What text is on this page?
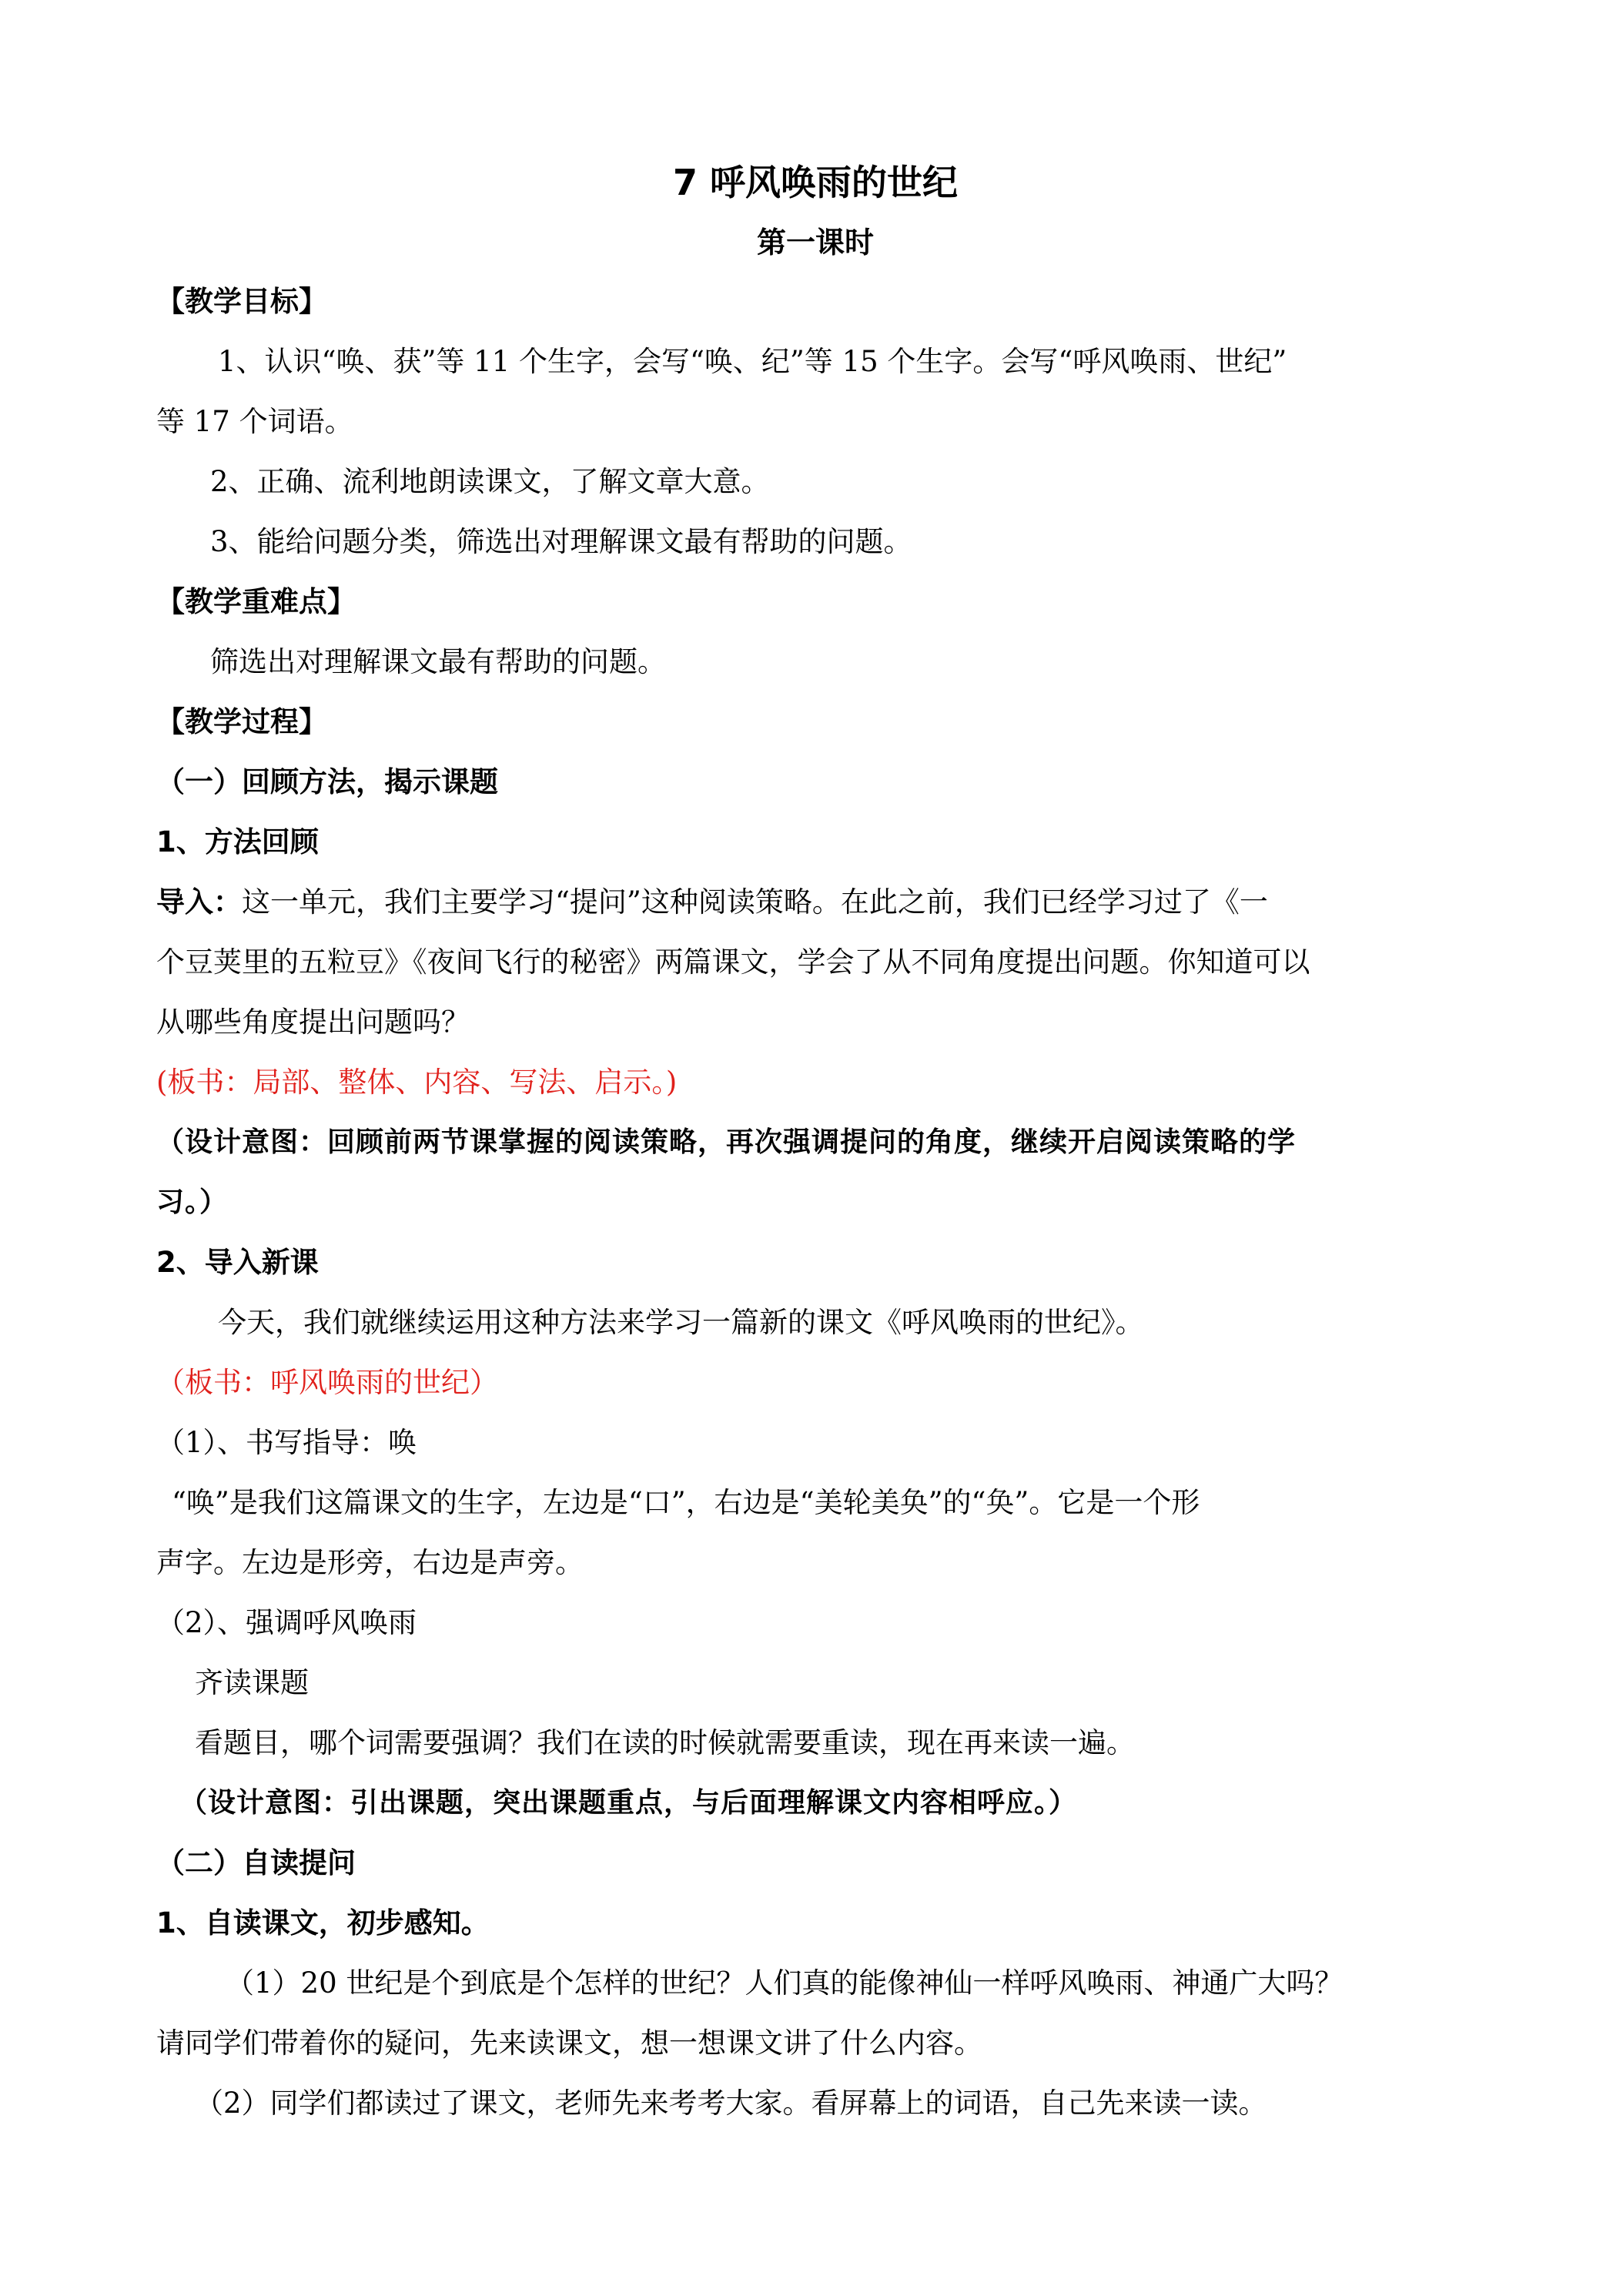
7 呼风唤雨的世纪

第一课时

【教学目标】

1、认识“唤、获”等 11 个生字，会写“唤、纪”等 15 个生字。会写“呼风唤雨、世纪”

等 17 个词语。

2、正确、流利地朗读课文，了解文章大意。

3、能给问题分类，筛选出对理解课文最有帮助的问题。

【教学重难点】

筛选出对理解课文最有帮助的问题。

【教学过程】

（一）回顾方法，揭示课题

1、方法回顾

导入：这一单元，我们主要学习“提问”这种阅读策略。在此之前，我们已经学习过了《一

个豆荚里的五粒豆》《夜间飞行的秘密》两篇课文，学会了从不同角度提出问题。你知道可以

从哪些角度提出问题吗？

(板书：局部、整体、内容、写法、启示。)

（设计意图：回顾前两节课掌握的阅读策略，再次强调提问的角度，继续开启阅读策略的学

习。）

2、导入新课

今天，我们就继续运用这种方法来学习一篇新的课文《呼风唤雨的世纪》。

（板书：呼风唤雨的世纪）

（1）、书写指导：唤

“唤”是我们这篇课文的生字，左边是“口”，右边是“美轮美奂”的“奂”。它是一个形

声字。左边是形旁，右边是声旁。

（2）、强调呼风唤雨

齐读课题

看题目，哪个词需要强调？我们在读的时候就需要重读，现在再来读一遍。

（设计意图：引出课题，突出课题重点，与后面理解课文内容相呼应。）

（二）自读提问

1、自读课文，初步感知。

（1）20 世纪是个到底是个怎样的世纪？人们真的能像神仙一样呼风唤雨、神通广大吗？

请同学们带着你的疑问，先来读课文，想一想课文讲了什么内容。

（2）同学们都读过了课文，老师先来考考大家。看屏幕上的词语，自己先来读一读。
